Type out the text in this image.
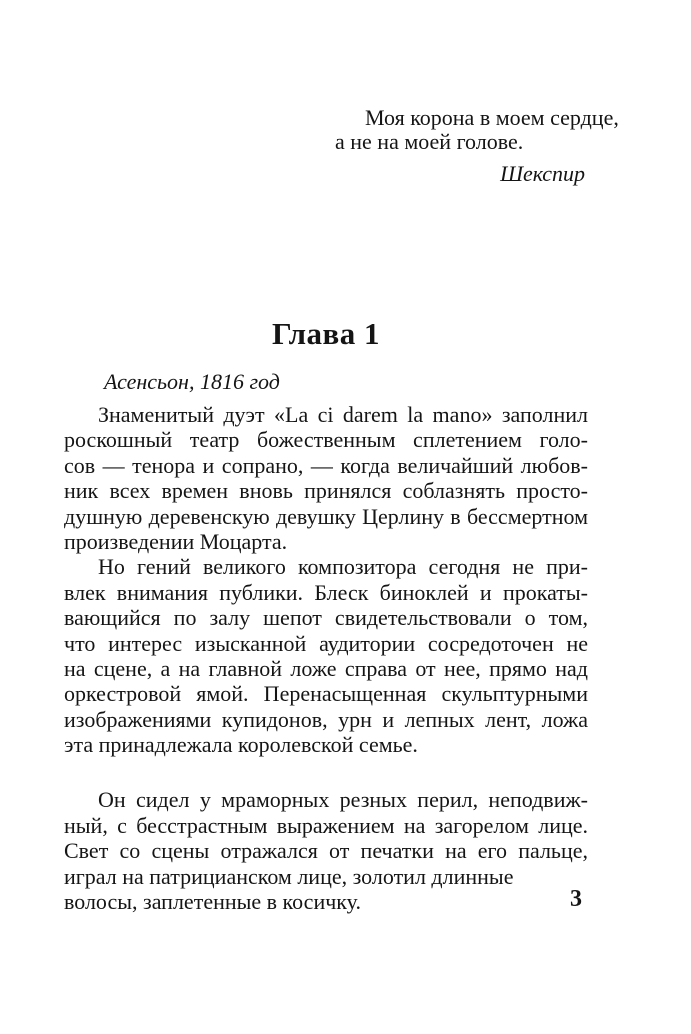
Моя корона в моем сердце,
а не на моей голове.
Шекспир
Глава 1
Асенсьон, 1816 год
Знаменитый дуэт «La ci darem la mano» заполнил
роскошный театр божественным сплетением голо-
сов — тенора и сопрано, — когда величайший любов-
ник всех времен вновь принялся соблазнять просто-
душную деревенскую девушку Церлину в бессмертном
произведении Моцарта.
Но гений великого композитора сегодня не при-
влек внимания публики. Блеск биноклей и прокаты-
вающийся по залу шепот свидетельствовали о том,
что интерес изысканной аудитории сосредоточен не
на сцене, а на главной ложе справа от нее, прямо над
оркестровой ямой. Перенасыщенная скульптурными
изображениями купидонов, урн и лепных лент, ложа
эта принадлежала королевской семье.
Он сидел у мраморных резных перил, неподвиж-
ный, с бесстрастным выражением на загорелом лице.
Свет со сцены отражался от печатки на его пальце,
играл на патрицианском лице, золотил длинные
волосы, заплетенные в косичку.	3
